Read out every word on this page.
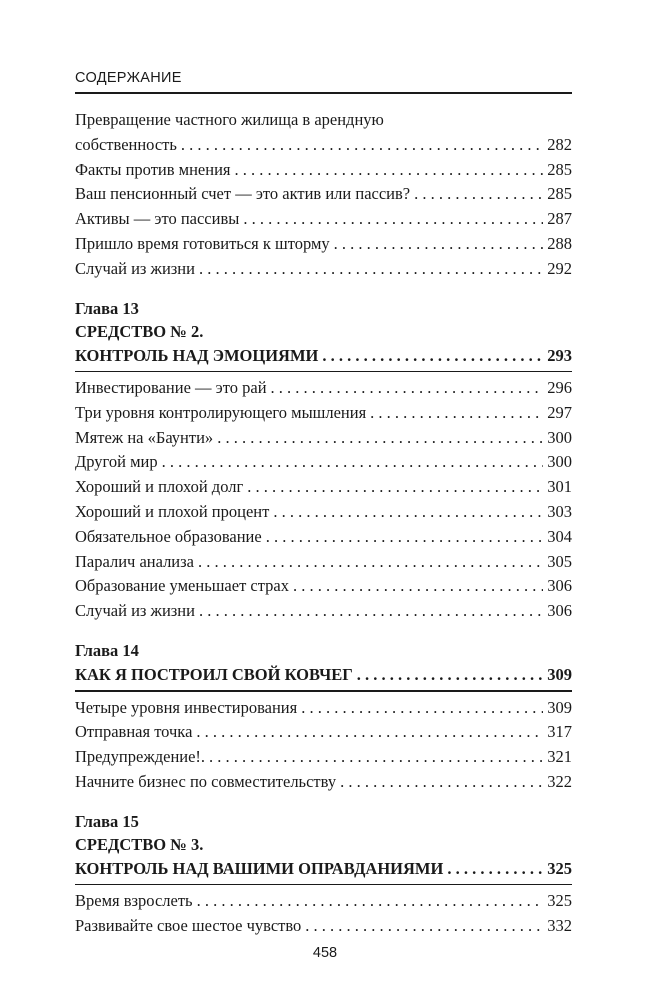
СОДЕРЖАНИЕ
Превращение частного жилища в арендную
собственность . . .	282
Факты против мнения . . .	285
Ваш пенсионный счет — это актив или пассив? . . .	285
Активы — это пассивы . . .	287
Пришло время готовиться к шторму . . .	288
Случай из жизни . . .	292
Глава 13
СРЕДСТВО № 2.
КОНТРОЛЬ НАД ЭМОЦИЯМИ . . .	293
Инвестирование — это рай . . .	296
Три уровня контролирующего мышления . . .	297
Мятеж на «Баунти» . . .	300
Другой мир . . .	300
Хороший и плохой долг . . .	301
Хороший и плохой процент . . .	303
Обязательное образование . . .	304
Паралич анализа . . .	305
Образование уменьшает страх . . .	306
Случай из жизни . . .	306
Глава 14
КАК Я ПОСТРОИЛ СВОЙ КОВЧЕГ . . .	309
Четыре уровня инвестирования . . .	309
Отправная точка . . .	317
Предупреждение!. . . .	321
Начните бизнес по совместительству . . .	322
Глава 15
СРЕДСТВО № 3.
КОНТРОЛЬ НАД ВАШИМИ ОПРАВДАНИЯМИ . . .	325
Время взрослеть . . .	325
Развивайте свое шестое чувство . . .	332
458
